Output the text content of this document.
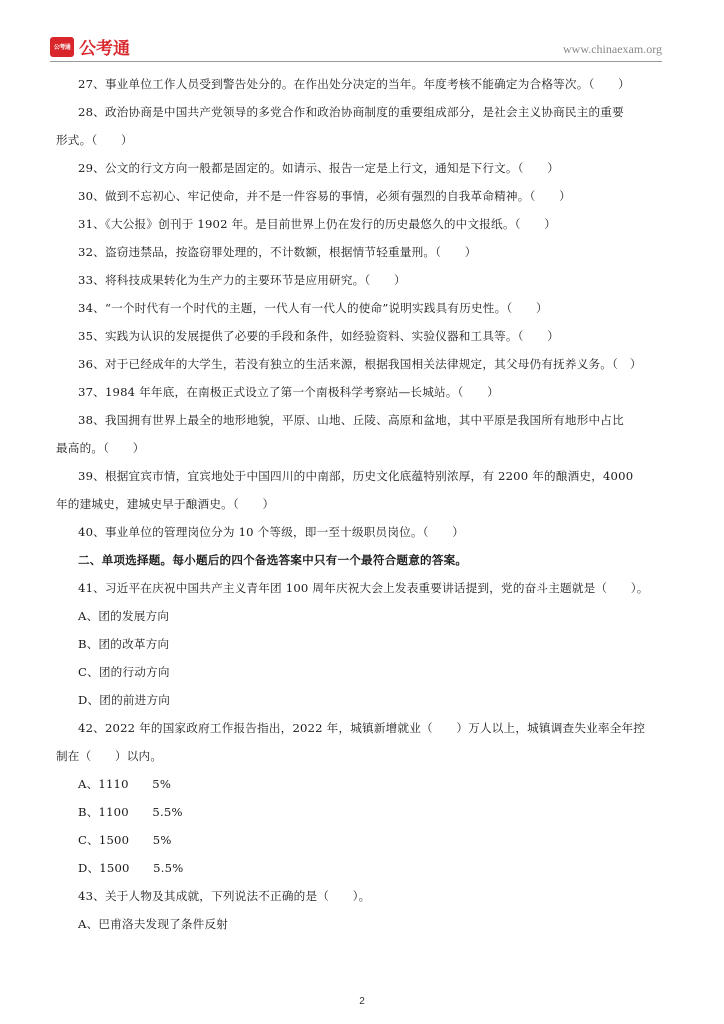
公考通 公考通	www.chinaexam.org
27、事业单位工作人员受到警告处分的。在作出处分决定的当年。年度考核不能确定为合格等次。（　　）
28、政治协商是中国共产党领导的多党合作和政治协商制度的重要组成部分，是社会主义协商民主的重要
形式。（　　）
29、公文的行文方向一般都是固定的。如请示、报告一定是上行文，通知是下行文。（　　）
30、做到不忘初心、牢记使命，并不是一件容易的事情，必须有强烈的自我革命精神。（　　）
31、《大公报》创刊于 1902 年。是目前世界上仍在发行的历史最悠久的中文报纸。（　　）
32、盗窃违禁品，按盗窃罪处理的，不计数额，根据情节轻重量刑。（　　）
33、将科技成果转化为生产力的主要环节是应用研究。（　　）
34、“一个时代有一个时代的主题，一代人有一代人的使命”说明实践具有历史性。（　　）
35、实践为认识的发展提供了必要的手段和条件，如经验资料、实验仪器和工具等。（　　）
36、对于已经成年的大学生，若没有独立的生活来源，根据我国相关法律规定，其父母仍有抚养义务。（　）
37、1984 年年底，在南极正式设立了第一个南极科学考察站—长城站。（　　）
38、我国拥有世界上最全的地形地貌，平原、山地、丘陵、高原和盆地，其中平原是我国所有地形中占比
最高的。（　　）
39、根据宜宾市情，宜宾地处于中国四川的中南部，历史文化底蕴特别浓厚，有 2200 年的酿酒史，4000
年的建城史，建城史早于酿酒史。（　　）
40、事业单位的管理岗位分为 10 个等级，即一至十级职员岗位。（　　）
二、单项选择题。每小题后的四个备选答案中只有一个最符合题意的答案。
41、习近平在庆祝中国共产主义青年团 100 周年庆祝大会上发表重要讲话提到，党的奋斗主题就是（　　）。
A、团的发展方向
B、团的改革方向
C、团的行动方向
D、团的前进方向
42、2022 年的国家政府工作报告指出，2022 年，城镇新增就业（　　）万人以上，城镇调查失业率全年控
制在（　　）以内。
A、1110　　5%
B、1100　　5.5%
C、1500　　5%
D、1500　　5.5%
43、关于人物及其成就，下列说法不正确的是（　　）。
A、巴甫洛夫发现了条件反射
2
